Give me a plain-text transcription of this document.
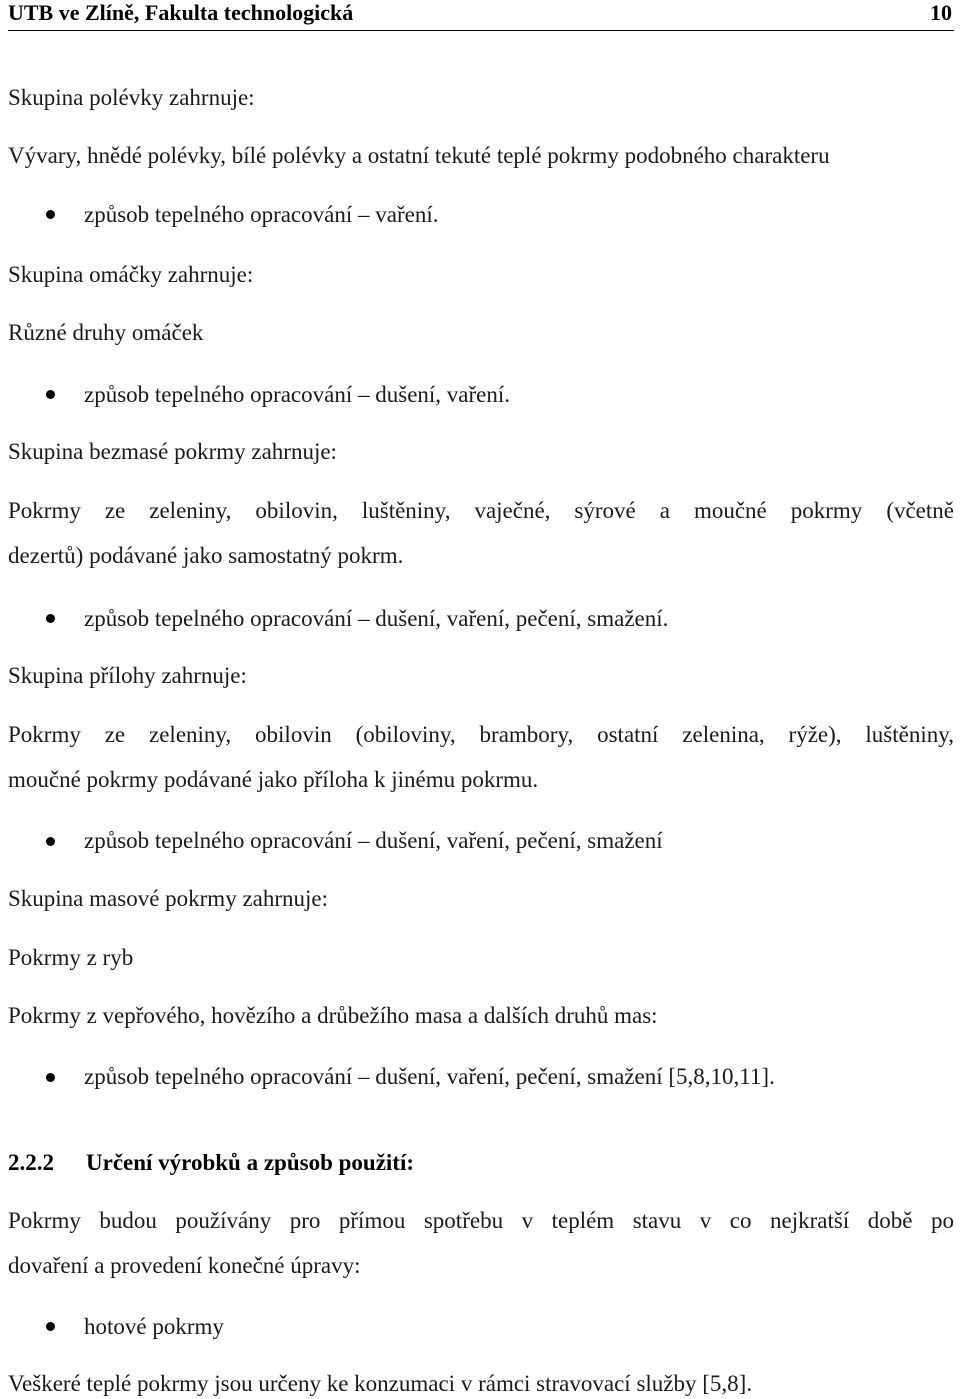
UTB ve Zlíně, Fakulta technologická	10
Skupina polévky zahrnuje:
Vývary, hnědé polévky, bílé polévky a ostatní tekuté teplé pokrmy podobného charakteru
způsob tepelného opracování – vaření.
Skupina omáčky zahrnuje:
Různé druhy omáček
způsob tepelného opracování – dušení, vaření.
Skupina bezmasé pokrmy zahrnuje:
Pokrmy ze zeleniny, obilovin, luštěniny, vaječné, sýrové a moučné pokrmy (včetně
dezertů) podávané jako samostatný pokrm.
způsob tepelného opracování – dušení, vaření, pečení, smažení.
Skupina přílohy zahrnuje:
Pokrmy ze zeleniny, obilovin (obiloviny, brambory, ostatní zelenina, rýže), luštěniny,
moučné pokrmy podávané jako příloha k jinému pokrmu.
způsob tepelného opracování – dušení, vaření, pečení, smažení
Skupina masové pokrmy zahrnuje:
Pokrmy z ryb
Pokrmy z vepřového, hovězího a drůbežího masa a dalších druhů mas:
způsob tepelného opracování – dušení, vaření, pečení, smažení [5,8,10,11].
2.2.2 Určení výrobků a způsob použití:
Pokrmy budou používány pro přímou spotřebu v teplém stavu v co nejkratší době po
dovaření a provedení konečné úpravy:
hotové pokrmy
Veškeré teplé pokrmy jsou určeny ke konzumaci v rámci stravovací služby [5,8].
